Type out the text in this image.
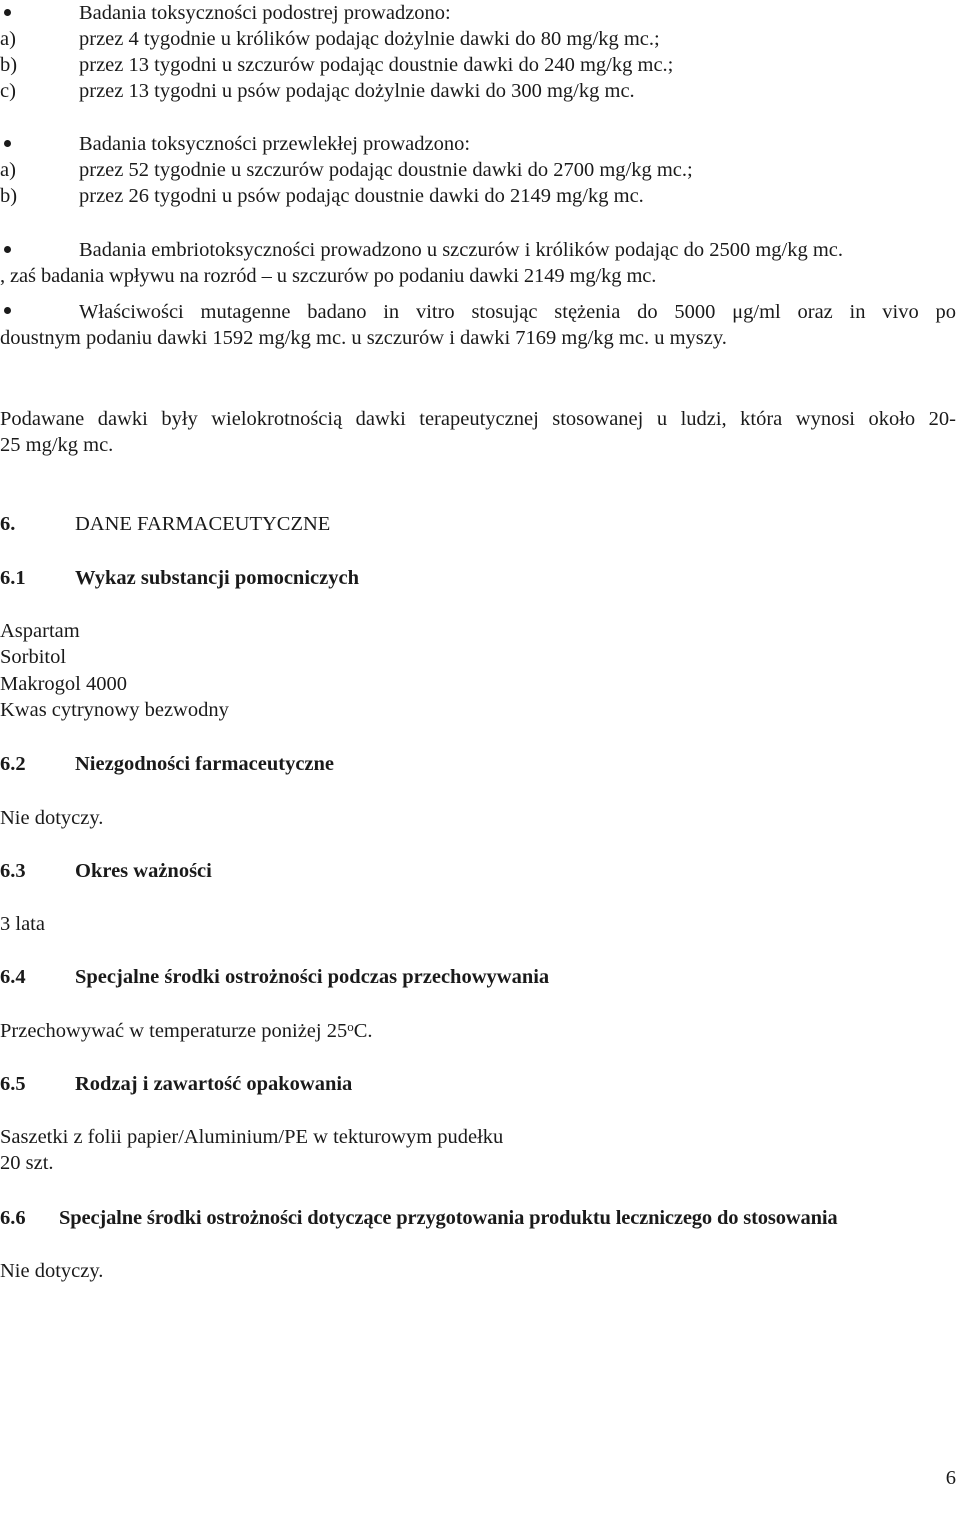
Badania toksyczności podostrej prowadzono:
a)	przez 4 tygodnie u królików podając dożylnie dawki do 80 mg/kg mc.;
b)	przez 13 tygodni u szczurów podając doustnie dawki do 240 mg/kg mc.;
c)	przez 13 tygodni u psów podając dożylnie dawki do 300 mg/kg mc.
Badania toksyczności przewlekłej prowadzono:
a)	przez 52 tygodnie u szczurów podając doustnie dawki do 2700 mg/kg mc.;
b)	przez 26 tygodni u psów podając doustnie dawki do 2149 mg/kg mc.
Badania embriotoksyczności prowadzono u szczurów i królików podając do 2500 mg/kg mc.
, zaś badania wpływu na rozród – u szczurów po podaniu dawki 2149 mg/kg mc.
Właściwości mutagenne badano in vitro stosując stężenia do 5000 μg/ml oraz in vivo po
doustnym podaniu dawki 1592 mg/kg mc. u szczurów i dawki 7169 mg/kg mc. u myszy.
Podawane dawki były wielokrotnością dawki terapeutycznej stosowanej u ludzi, która wynosi około 20-
25 mg/kg mc.
6.	DANE FARMACEUTYCZNE
6.1 Wykaz substancji pomocniczych
Aspartam
Sorbitol
Makrogol 4000
Kwas cytrynowy bezwodny
6.2 Niezgodności farmaceutyczne
Nie dotyczy.
6.3 Okres ważności
3 lata
6.4 Specjalne środki ostrożności podczas przechowywania
Przechowywać w temperaturze poniżej 25$^o$C.
6.5 Rodzaj i zawartość opakowania
Saszetki z folii papier/Aluminium/PE w tekturowym pudełku
20 szt.
6.6 Specjalne środki ostrożności dotyczące przygotowania produktu leczniczego do stosowania
Nie dotyczy.
6
